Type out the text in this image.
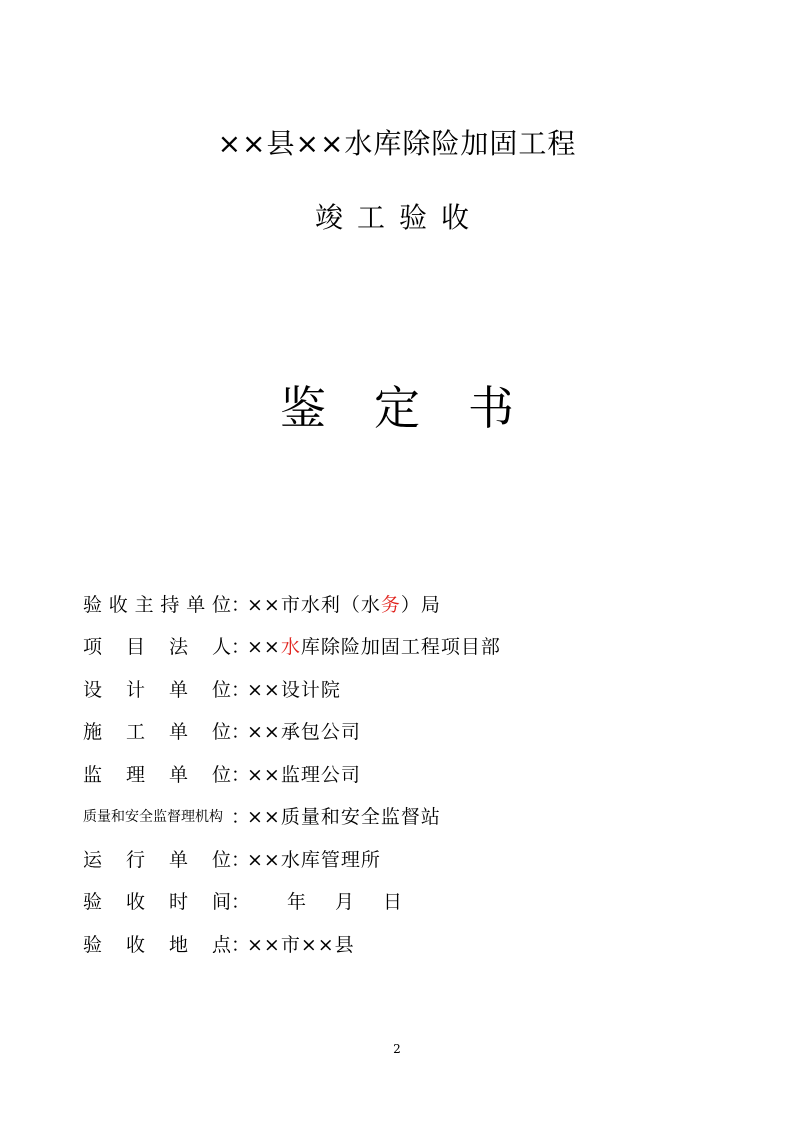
××县××水库除险加固工程
竣工验收
鉴 定 书
验 收 主 持 单 位 ：
××市水利（水务）局
项 目 法 人 ：
××水库除险加固工程项目部
设 计 单 位 ：
××设计院
施 工 单 位 ：
××承包公司
监 理 单 位 ：
××监理公司
质量和安全监督理机构 ：
××质量和安全监督站
运 行 单 位 ：
××水库管理所
验 收 时 间 ：	年 月 日
验 收 地 点 ：
××市××县
2
